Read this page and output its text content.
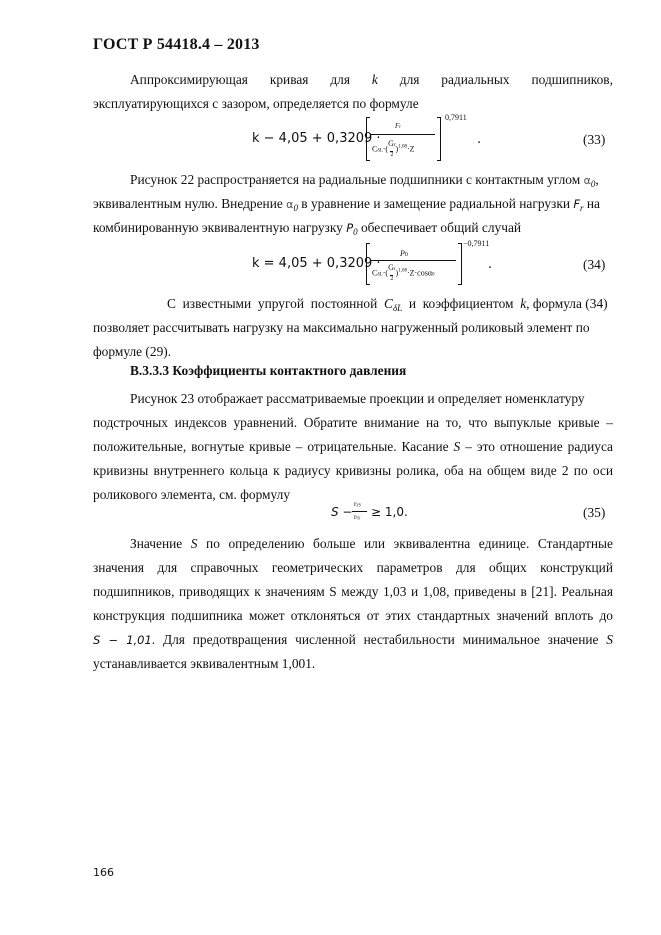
ГОСТ Р 54418.4 – 2013
Аппроксимирующая кривая для k для радиальных подшипников,
эксплуатирующихся с зазором, определяется по формуле
k − 4,05 + 0,3209 ·
Fr
CδL·(Gr
2)$^{1,08}$·Z
0,7911
.	(33)
Рисунок 22 распространяется на радиальные подшипники с контактным углом $\alpha_0$,
эквивалентным нулю. Внедрение $\alpha_0$ в уравнение и замещение радиальной нагрузки $F_r$ на
комбинированную эквивалентную нагрузку $P_0$ обеспечивает общий случай
k = 4,05 + 0,3209 ·
P0
CδL·(Gr
2)$^{1,08}$·Z·cosα0
−0,7911
.	(34)
С  известными  упругой  постоянной  $C_{\delta L}$  и  коэффициентом  k, формула (34)
позволяет рассчитывать нагрузку на максимально нагруженный роликовый элемент по
формуле (29).
В.3.3.3 Коэффициенты контактного давления
Рисунок 23 отображает рассматриваемые проекции и определяет номенклатуру
подстрочных индексов уравнений. Обратите внимание на то, что выпуклые кривые –
положительные, вогнутые кривые – отрицательные. Касание S – это отношение радиуса
кривизны внутреннего кольца к радиусу кривизны ролика, оба на общем виде 2 по оси
роликового элемента, см. формулу
S −
ryy
rry ≥ 1,0.	(35)
Значение S по определению больше или эквивалентна единице. Стандартные
значения для справочных геометрических параметров для общих конструкций
подшипников, приводящих к значениям S между 1,03 и 1,08, приведены в [21]. Реальная
конструкция подшипника может отклоняться от этих стандартных значений вплоть до
S − 1,01. Для предотвращения численной нестабильности минимальное значение S
устанавливается эквивалентным 1,001.
166
